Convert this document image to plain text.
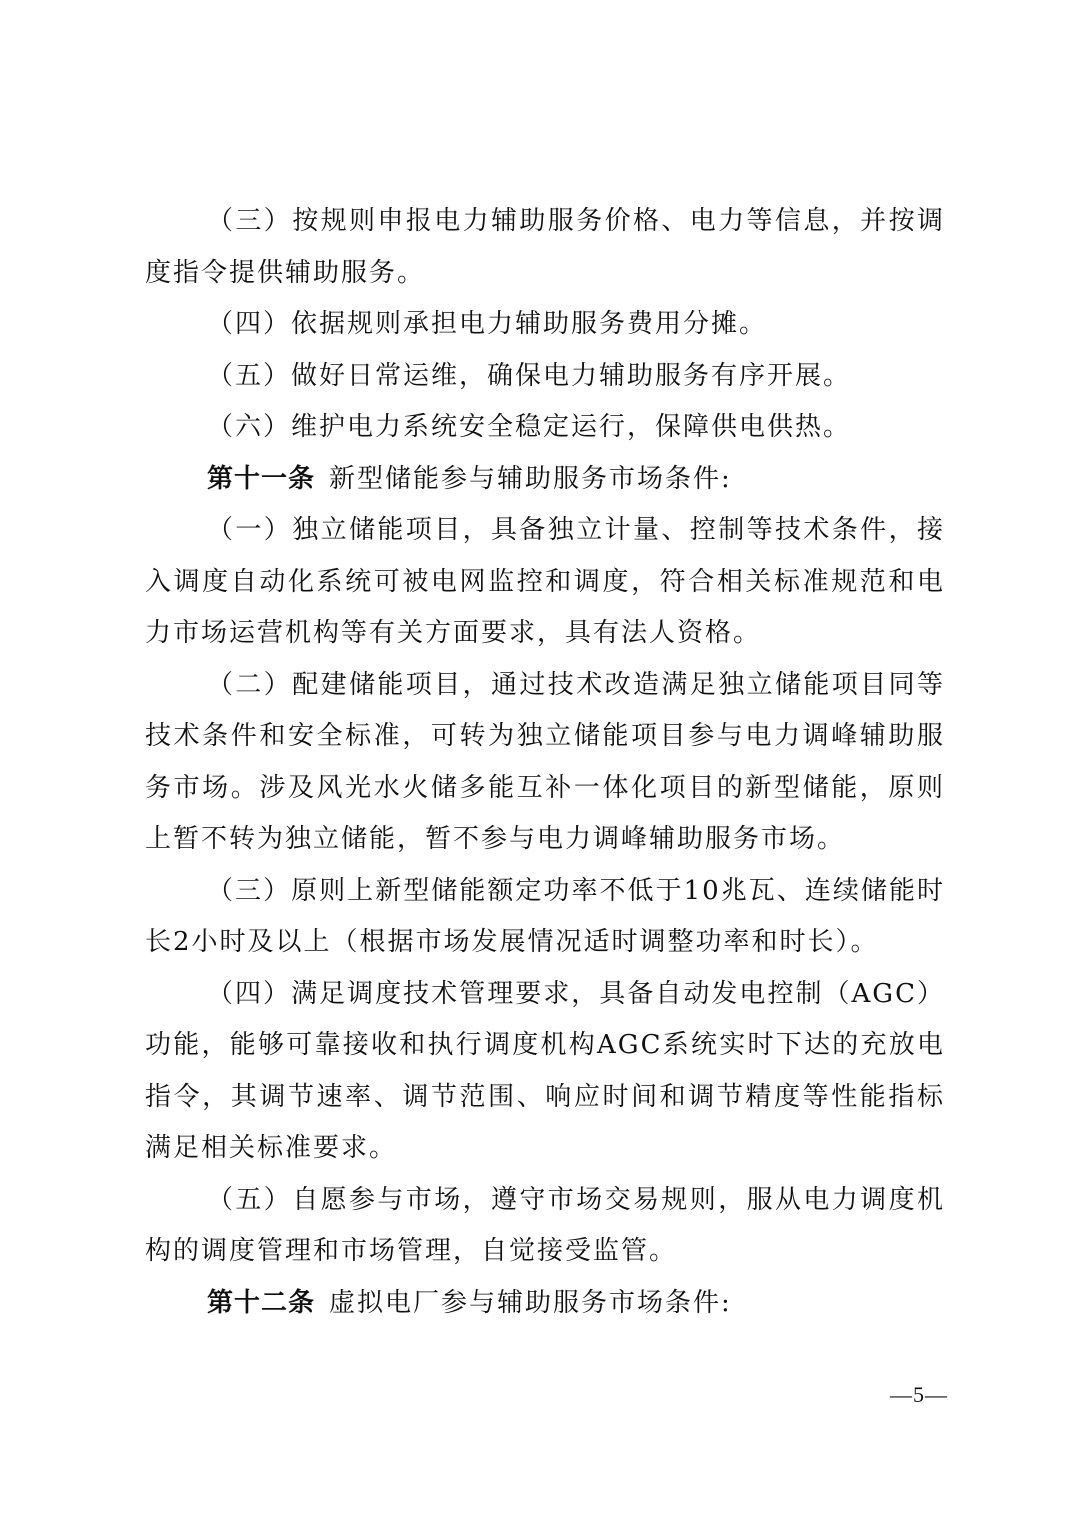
（三）按规则申报电力辅助服务价格、电力等信息，并按调度指令提供辅助服务。

（四）依据规则承担电力辅助服务费用分摊。

（五）做好日常运维，确保电力辅助服务有序开展。

（六）维护电力系统安全稳定运行，保障供电供热。

第十一条 新型储能参与辅助服务市场条件:

（一）独立储能项目，具备独立计量、控制等技术条件，接入调度自动化系统可被电网监控和调度，符合相关标准规范和电力市场运营机构等有关方面要求，具有法人资格。

（二）配建储能项目，通过技术改造满足独立储能项目同等技术条件和安全标准，可转为独立储能项目参与电力调峰辅助服务市场。涉及风光水火储多能互补一体化项目的新型储能，原则上暂不转为独立储能，暂不参与电力调峰辅助服务市场。

（三）原则上新型储能额定功率不低于10兆瓦、连续储能时长2小时及以上（根据市场发展情况适时调整功率和时长）。

（四）满足调度技术管理要求，具备自动发电控制（AGC）功能，能够可靠接收和执行调度机构AGC系统实时下达的充放电指令，其调节速率、调节范围、响应时间和调节精度等性能指标满足相关标准要求。

（五）自愿参与市场，遵守市场交易规则，服从电力调度机构的调度管理和市场管理，自觉接受监管。

第十二条 虚拟电厂参与辅助服务市场条件:

—5—
